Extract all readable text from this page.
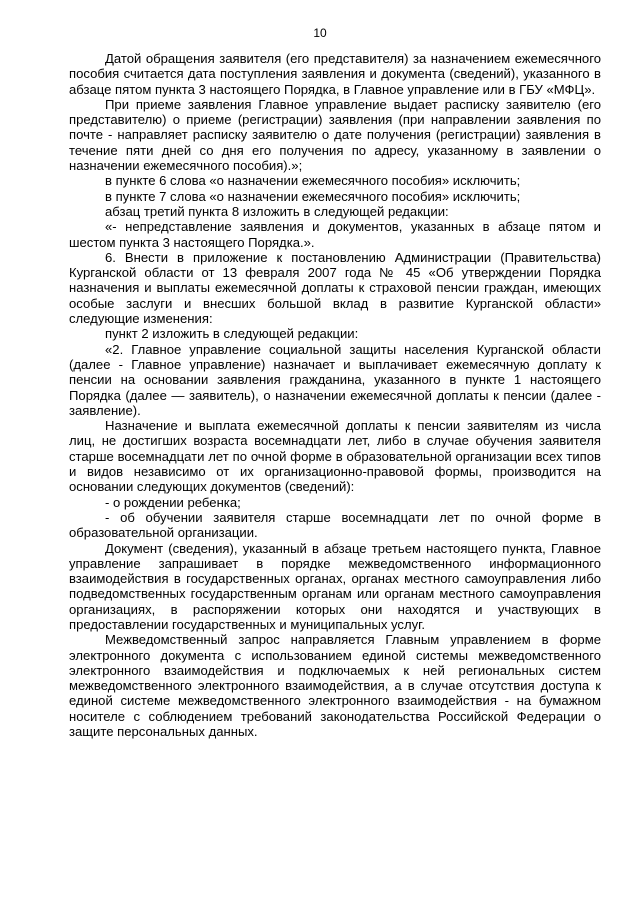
10

Датой обращения заявителя (его представителя) за назначением ежемесячного пособия считается дата поступления заявления и документа (сведений), указанного в абзаце пятом пункта 3 настоящего Порядка, в Главное управление или в ГБУ «МФЦ».

При приеме заявления Главное управление выдает расписку заявителю (его представителю) о приеме (регистрации) заявления (при направлении заявления по почте - направляет расписку заявителю о дате получения (регистрации) заявления в течение пяти дней со дня его получения по адресу, указанному в заявлении о назначении ежемесячного пособия).»;

в пункте 6 слова «о назначении ежемесячного пособия» исключить;

в пункте 7 слова «о назначении ежемесячного пособия» исключить;

абзац третий пункта 8 изложить в следующей редакции:

«- непредставление заявления и документов, указанных в абзаце пятом и шестом пункта 3 настоящего Порядка.».

6. Внести в приложение к постановлению Администрации (Правительства) Курганской области от 13 февраля 2007 года № 45 «Об утверждении Порядка назначения и выплаты ежемесячной доплаты к страховой пенсии граждан, имеющих особые заслуги и внесших большой вклад в развитие Курганской области» следующие изменения:

пункт 2 изложить в следующей редакции:

«2. Главное управление социальной защиты населения Курганской области (далее - Главное управление) назначает и выплачивает ежемесячную доплату к пенсии на основании заявления гражданина, указанного в пункте 1 настоящего Порядка (далее — заявитель), о назначении ежемесячной доплаты к пенсии (далее - заявление).

Назначение и выплата ежемесячной доплаты к пенсии заявителям из числа лиц, не достигших возраста восемнадцати лет, либо в случае обучения заявителя старше восемнадцати лет по очной форме в образовательной организации всех типов и видов независимо от их организационно-правовой формы, производится на основании следующих документов (сведений):

- о рождении ребенка;

- об обучении заявителя старше восемнадцати лет по очной форме в образовательной организации.

Документ (сведения), указанный в абзаце третьем настоящего пункта, Главное управление запрашивает в порядке межведомственного информационного взаимодействия в государственных органах, органах местного самоуправления либо подведомственных государственным органам или органам местного самоуправления организациях, в распоряжении которых они находятся и участвующих в предоставлении государственных и муниципальных услуг.

Межведомственный запрос направляется Главным управлением в форме электронного документа с использованием единой системы межведомственного электронного взаимодействия и подключаемых к ней региональных систем межведомственного электронного взаимодействия, а в случае отсутствия доступа к единой системе межведомственного электронного взаимодействия - на бумажном носителе с соблюдением требований законодательства Российской Федерации о защите персональных данных.
